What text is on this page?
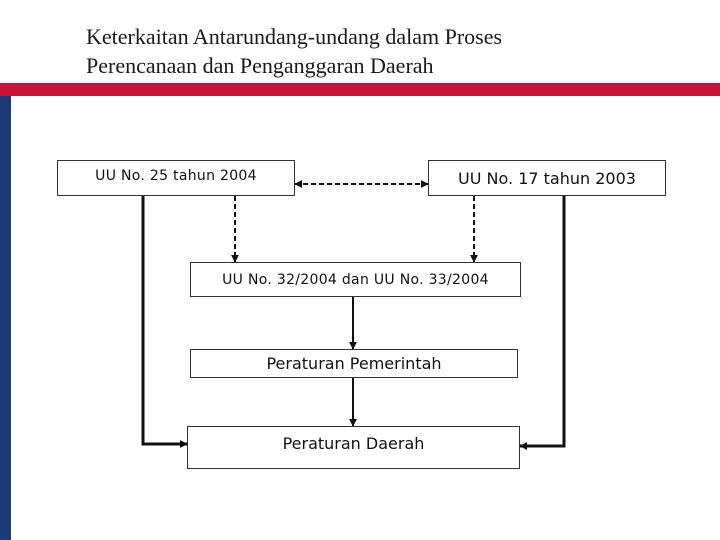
Keterkaitan Antarundang-undang dalam Proses
Perencanaan dan Penganggaran Daerah
UU No. 25 tahun 2004	UU No. 17 tahun 2003
UU No. 32/2004 dan UU No. 33/2004
Peraturan Pemerintah
Peraturan Daerah
